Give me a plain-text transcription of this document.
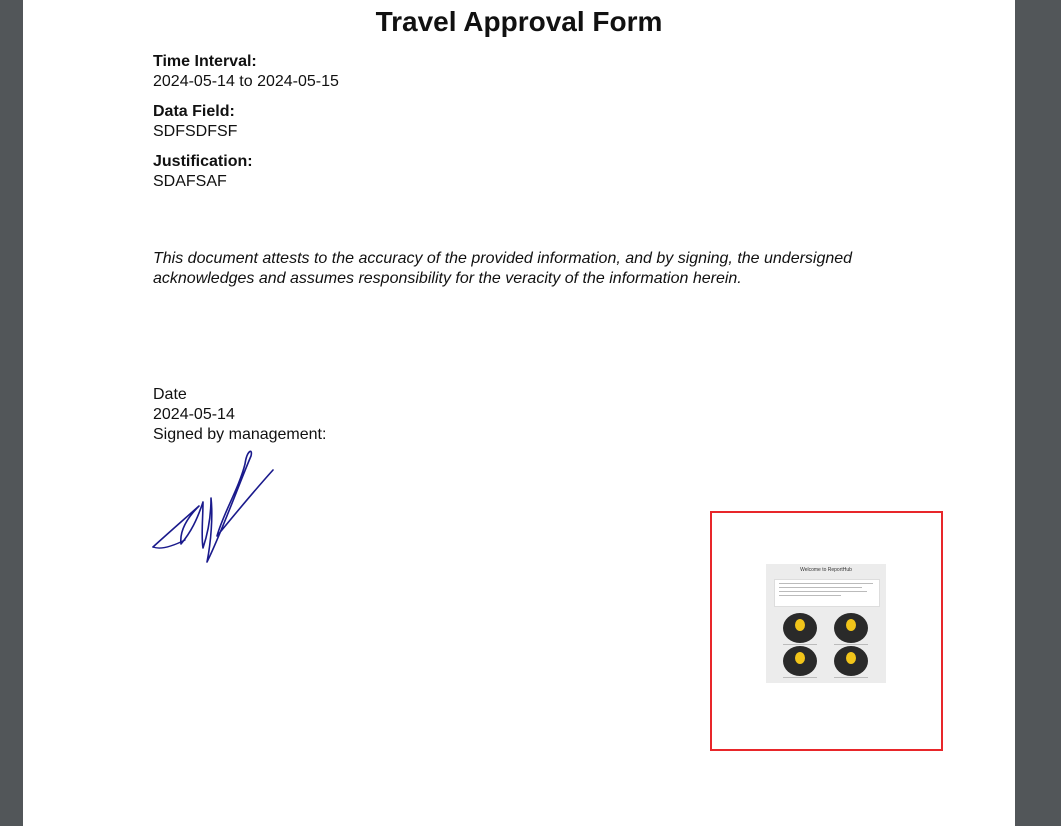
Travel Approval Form
Time Interval:
2024-05-14 to 2024-05-15
Data Field:
SDFSDFSF
Justification:
SDAFSAF
This document attests to the accuracy of the provided information, and by signing, the undersigned acknowledges and assumes responsibility for the veracity of the information herein.
Date
2024-05-14
Signed by management:
Welcome to ReportHub
